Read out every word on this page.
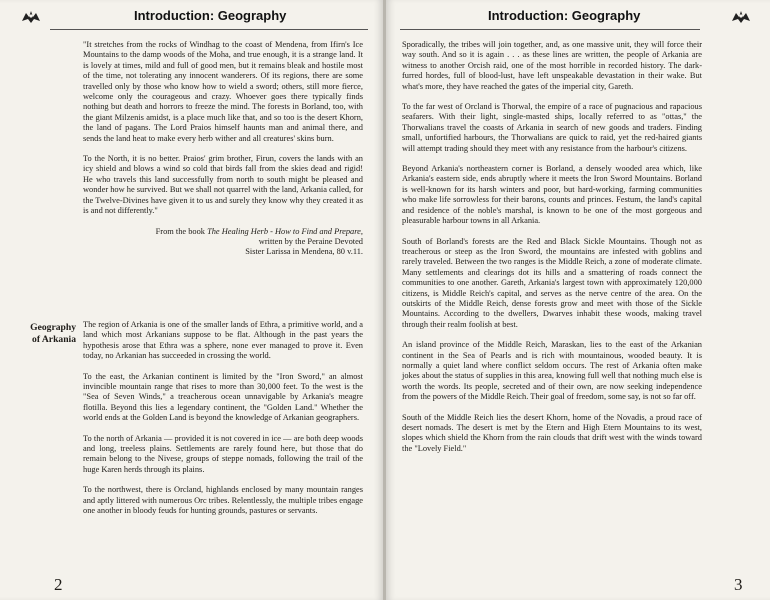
Introduction: Geography

"It stretches from the rocks of Windhag to the coast of Mendena, from Ifirn's Ice Mountains to the damp woods of the Moha, and true enough, it is a strange land. It is lovely at times, mild and full of good men, but it remains bleak and hostile most of the time, not tolerating any innocent wanderers. Of its regions, there are some travelled only by those who know how to wield a sword; others, still more fierce, welcome only the courageous and crazy. Whoever goes there typically finds nothing but death and horrors to freeze the mind. The forests in Borland, too, with the giant Milzenis amidst, is a place much like that, and so too is the desert Khorn, the land of pagans. The Lord Praios himself haunts man and animal there, and sends the land heat to make every herb wither and all creatures' skins burn.

To the North, it is no better. Praios' grim brother, Firun, covers the lands with an icy shield and blows a wind so cold that birds fall from the skies dead and rigid! He who travels this land successfully from north to south might be pleased and wonder how he survived. But we shall not quarrel with the land, Arkania called, for the Twelve-Divines have given it to us and surely they know why they created it as is and not differently."

From the book The Healing Herb - How to Find and Prepare,
written by the Peraine Devoted
Sister Larissa in Mendena, 80 v.11.

Geography
of Arkania

The region of Arkania is one of the smaller lands of Ethra, a primitive world, and a land which most Arkanians suppose to be flat. Although in the past years the hypothesis arose that Ethra was a sphere, none ever managed to prove it. Even today, no Arkanian has succeeded in crossing the world.

To the east, the Arkanian continent is limited by the "Iron Sword," an almost invincible mountain range that rises to more than 30,000 feet. To the west is the "Sea of Seven Winds," a treacherous ocean unnavigable by Arkania's meagre flotilla. Beyond this lies a legendary continent, the "Golden Land." Whether the world ends at the Golden Land is beyond the knowledge of Arkanian geographers.

To the north of Arkania — provided it is not covered in ice — are both deep woods and long, treeless plains. Settlements are rarely found here, but those that do remain belong to the Nivese, groups of steppe nomads, following the trail of the huge Karen herds through its plains.

To the northwest, there is Orcland, highlands enclosed by many mountain ranges and aptly littered with numerous Orc tribes. Relentlessly, the multiple tribes engage one another in bloody feuds for hunting grounds, pastures or servants.

2
Introduction: Geography

Sporadically, the tribes will join together, and, as one massive unit, they will force their way south. And so it is again . . . as these lines are written, the people of Arkania are witness to another Orcish raid, one of the most horrible in recorded history. The dark-furred hordes, full of blood-lust, have left unspeakable devastation in their wake. But what's more, they have reached the gates of the imperial city, Gareth.

To the far west of Orcland is Thorwal, the empire of a race of pugnacious and rapacious seafarers. With their light, single-masted ships, locally referred to as "ottas," the Thorwalians travel the coasts of Arkania in search of new goods and traders. Finding small, unfortified harbours, the Thorwalians are quick to raid, yet the red-haired giants will attempt trading should they meet with any resistance from the harbour's citizens.

Beyond Arkania's northeastern corner is Borland, a densely wooded area which, like Arkania's eastern side, ends abruptly where it meets the Iron Sword Mountains. Borland is well-known for its harsh winters and poor, but hard-working, farming communities who make life sorrowless for their barons, counts and princes. Festum, the land's capital and residence of the noble's marshal, is known to be one of the most gorgeous and pleasurable harbour towns in all Arkania.

South of Borland's forests are the Red and Black Sickle Mountains. Though not as treacherous or steep as the Iron Sword, the mountains are infested with goblins and rarely traveled. Between the two ranges is the Middle Reich, a zone of moderate climate. Many settlements and clearings dot its hills and a smattering of roads connect the communities to one another. Gareth, Arkania's largest town with approximately 120,000 citizens, is Middle Reich's capital, and serves as the nerve centre of the area. On the outskirts of the Middle Reich, dense forests grow and meet with those of the Sickle Mountains. According to the dwellers, Dwarves inhabit these woods, making travel through their realm foolish at best.

An island province of the Middle Reich, Maraskan, lies to the east of the Arkanian continent in the Sea of Pearls and is rich with mountainous, wooded beauty. It is normally a quiet land where conflict seldom occurs. The rest of Arkania often make jokes about the status of supplies in this area, knowing full well that nothing much else is worth the words. Its people, secreted and of their own, are now seeking independence from the powers of the Middle Reich. Their goal of freedom, some say, is not so far off.

South of the Middle Reich lies the desert Khorn, home of the Novadis, a proud race of desert nomads. The desert is met by the Etern and High Etern Mountains to its west, slopes which shield the Khorn from the rain clouds that drift west with the winds toward the "Lovely Field."

3
